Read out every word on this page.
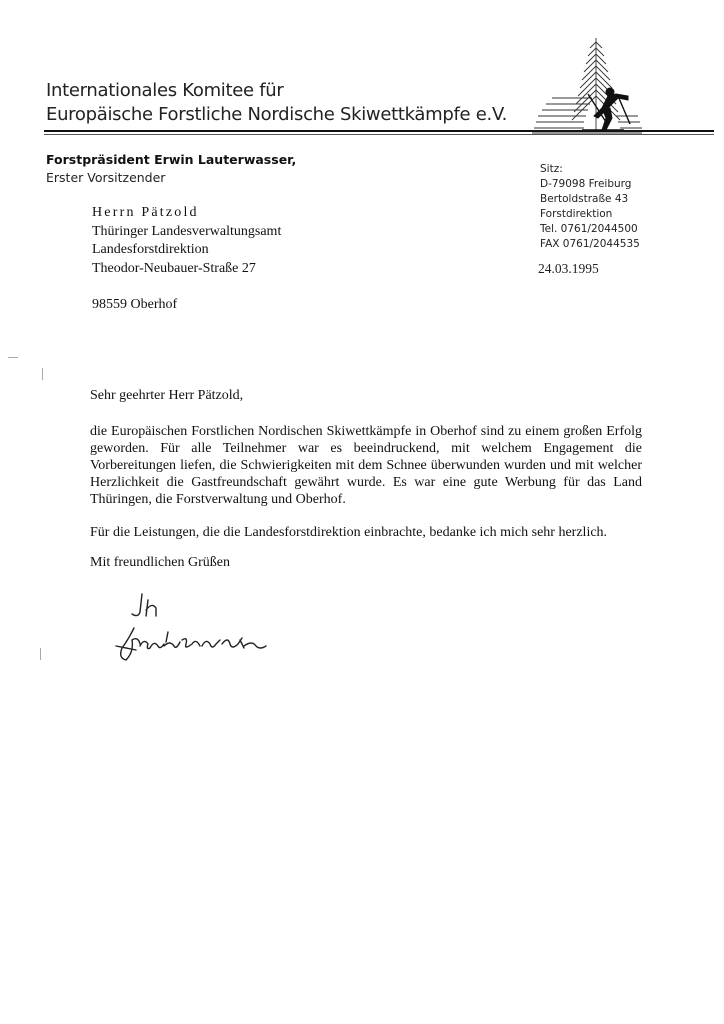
Internationales Komitee für
Europäische Forstliche Nordische Skiwettkämpfe e.V.
Forstpräsident Erwin Lauterwasser,
Erster Vorsitzender
Sitz:
D-79098 Freiburg
Bertoldstraße 43
Forstdirektion
Tel. 0761/2044500
FAX 0761/2044535
24.03.1995
Herrn Pätzold
Thüringer Landesverwaltungsamt
Landesforstdirektion
Theodor-Neubauer-Straße 27
98559 Oberhof
Sehr geehrter Herr Pätzold,
die Europäischen Forstlichen Nordischen Skiwettkämpfe in Oberhof sind zu einem großen Erfolg geworden. Für alle Teilnehmer war es beeindruckend, mit welchem Engagement die Vorbereitungen liefen, die Schwierigkeiten mit dem Schnee überwunden wurden und mit welcher Herzlichkeit die Gastfreundschaft gewährt wurde. Es war eine gute Werbung für das Land Thüringen, die Forstverwaltung und Oberhof.
Für die Leistungen, die die Landesforstdirektion einbrachte, bedanke ich mich sehr herzlich.
Mit freundlichen Grüßen
